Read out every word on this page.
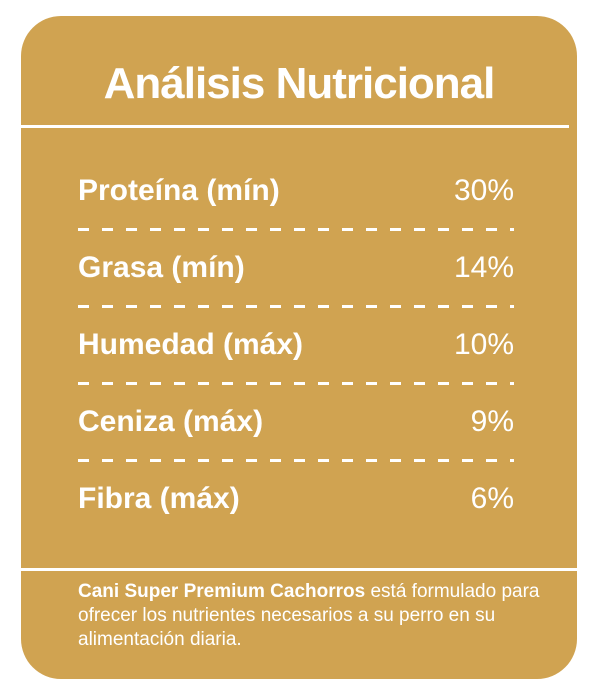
Análisis Nutricional
Proteína (mín)	30%
Grasa (mín)	14%
Humedad (máx)	10%
Ceniza (máx)	9%
Fibra (máx)	6%
Cani Super Premium Cachorros está formulado para ofrecer los nutrientes necesarios a su perro en su alimentación diaria.
